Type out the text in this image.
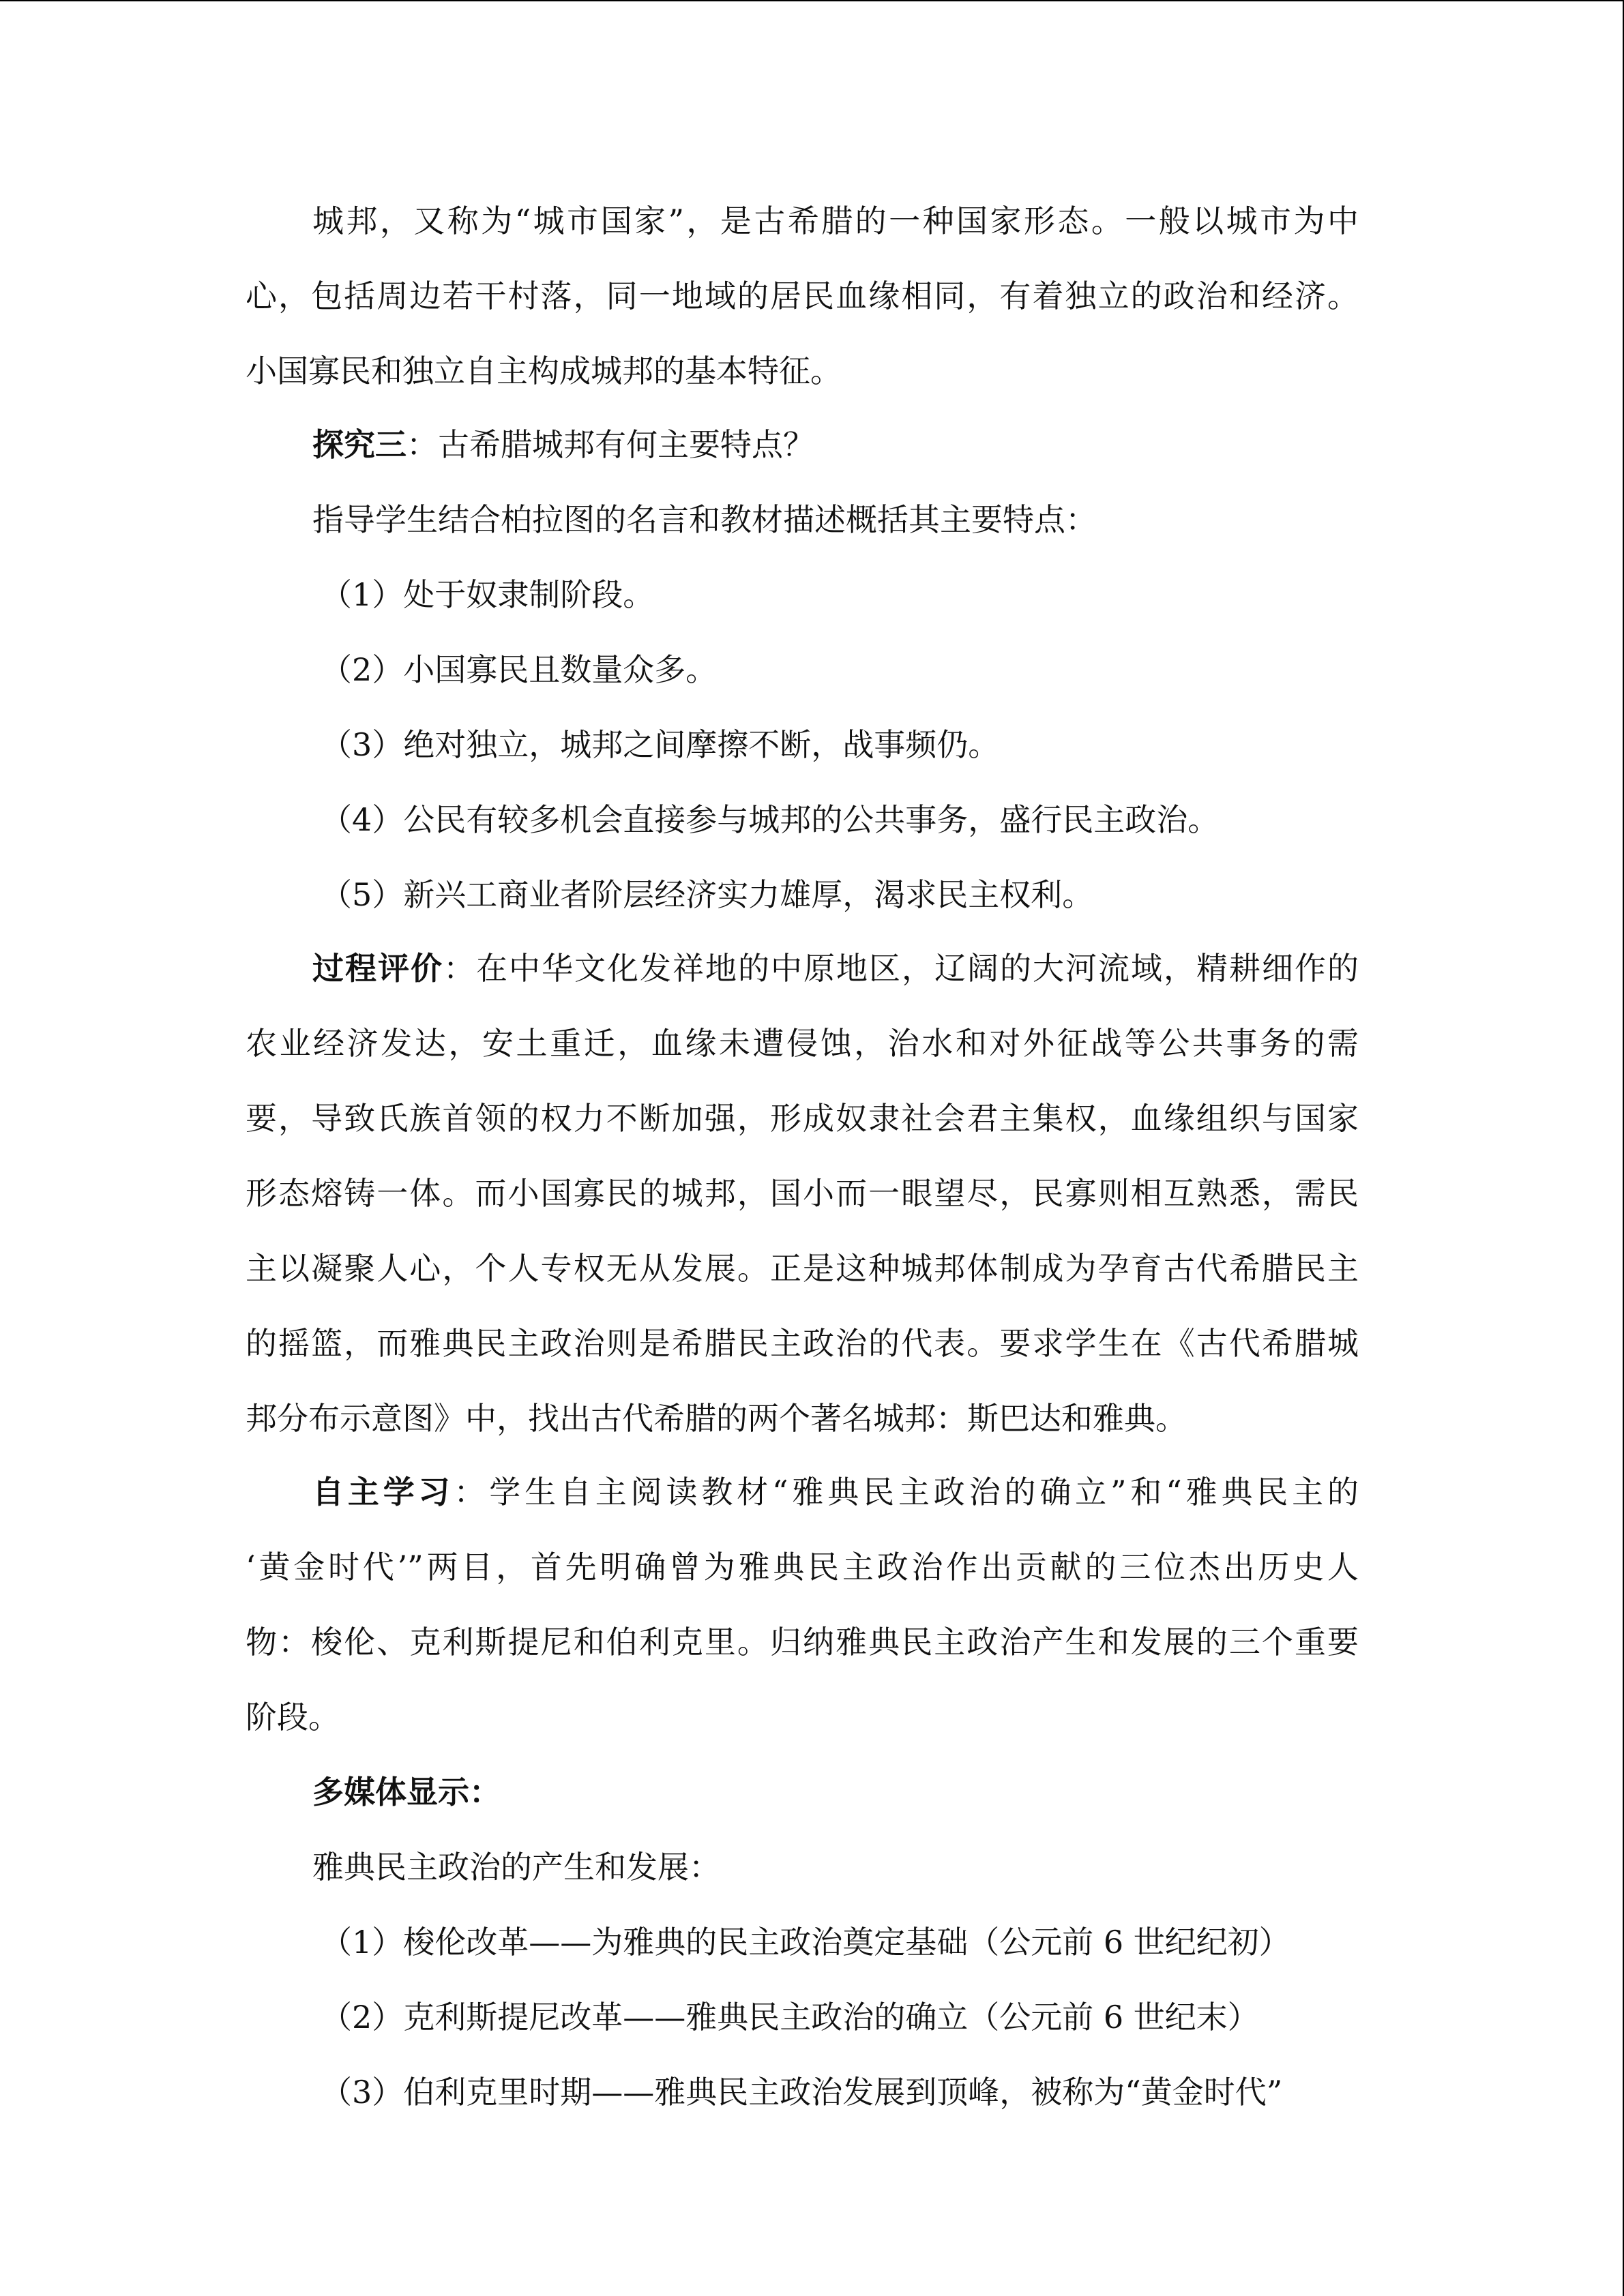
城邦，又称为“城市国家”，是古希腊的一种国家形态。一般以城市为中
心，包括周边若干村落，同一地域的居民血缘相同，有着独立的政治和经济。
小国寡民和独立自主构成城邦的基本特征。
探究三：古希腊城邦有何主要特点？
指导学生结合柏拉图的名言和教材描述概括其主要特点：
（1）处于奴隶制阶段。
（2）小国寡民且数量众多。
（3）绝对独立，城邦之间摩擦不断，战事频仍。
（4）公民有较多机会直接参与城邦的公共事务，盛行民主政治。
（5）新兴工商业者阶层经济实力雄厚，渴求民主权利。
过程评价：在中华文化发祥地的中原地区，辽阔的大河流域，精耕细作的
农业经济发达，安土重迁，血缘未遭侵蚀，治水和对外征战等公共事务的需
要，导致氏族首领的权力不断加强，形成奴隶社会君主集权，血缘组织与国家
形态熔铸一体。而小国寡民的城邦，国小而一眼望尽，民寡则相互熟悉，需民
主以凝聚人心，个人专权无从发展。正是这种城邦体制成为孕育古代希腊民主
的摇篮，而雅典民主政治则是希腊民主政治的代表。要求学生在《古代希腊城
邦分布示意图》中，找出古代希腊的两个著名城邦：斯巴达和雅典。
自主学习：学生自主阅读教材“雅典民主政治的确立”和“雅典民主的
‘黄金时代’”两目，首先明确曾为雅典民主政治作出贡献的三位杰出历史人
物：梭伦、克利斯提尼和伯利克里。归纳雅典民主政治产生和发展的三个重要
阶段。
多媒体显示：
雅典民主政治的产生和发展：
（1）梭伦改革——为雅典的民主政治奠定基础（公元前 6 世纪纪初）
（2）克利斯提尼改革——雅典民主政治的确立（公元前 6 世纪末）
（3）伯利克里时期——雅典民主政治发展到顶峰，被称为“黄金时代”
